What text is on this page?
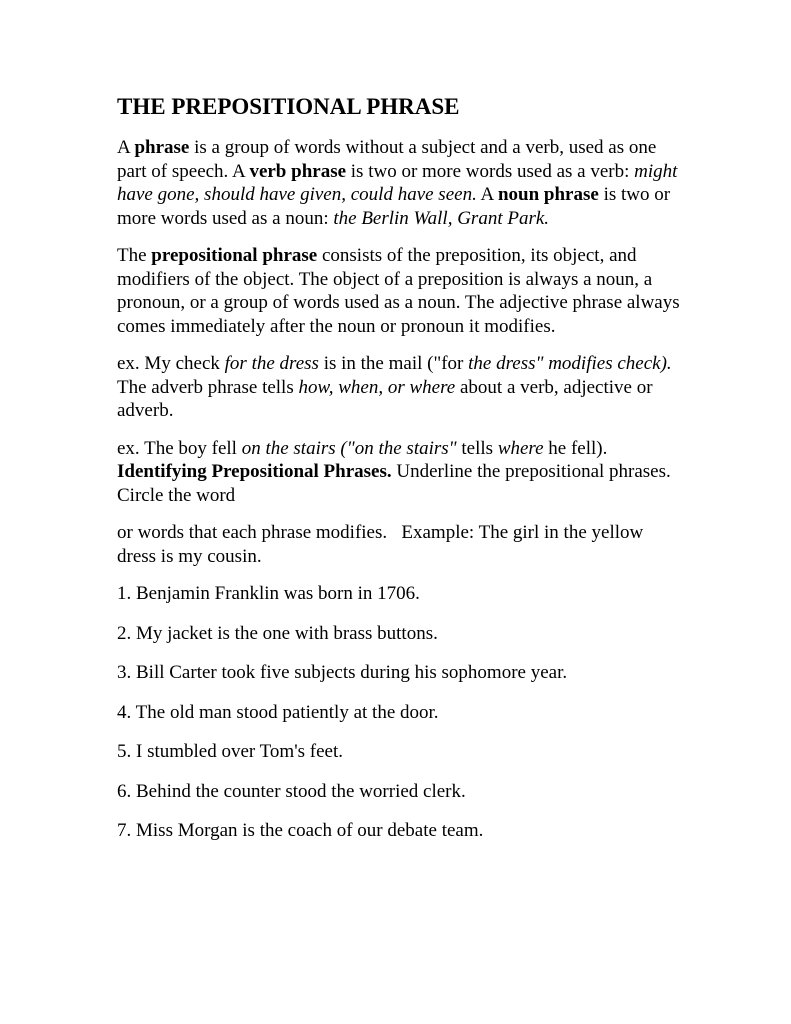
THE PREPOSITIONAL PHRASE

A phrase is a group of words without a subject and a verb, used as one part of speech. A verb phrase is two or more words used as a verb: might have gone, should have given, could have seen. A noun phrase is two or more words used as a noun: the Berlin Wall, Grant Park.

The prepositional phrase consists of the preposition, its object, and modifiers of the object. The object of a preposition is always a noun, a pronoun, or a group of words used as a noun. The adjective phrase always comes immediately after the noun or pronoun it modifies.

ex. My check for the dress is in the mail ("for the dress" modifies check).   The adverb phrase tells how, when, or where about a verb, adjective or adverb.

ex. The boy fell on the stairs ("on the stairs" tells where he fell).   Identifying Prepositional Phrases. Underline the prepositional phrases. Circle the word

or words that each phrase modifies.   Example: The girl in the yellow dress is my cousin.

1. Benjamin Franklin was born in 1706.

2. My jacket is the one with brass buttons.

3. Bill Carter took five subjects during his sophomore year.

4. The old man stood patiently at the door.

5. I stumbled over Tom's feet.

6. Behind the counter stood the worried clerk.

7. Miss Morgan is the coach of our debate team.
